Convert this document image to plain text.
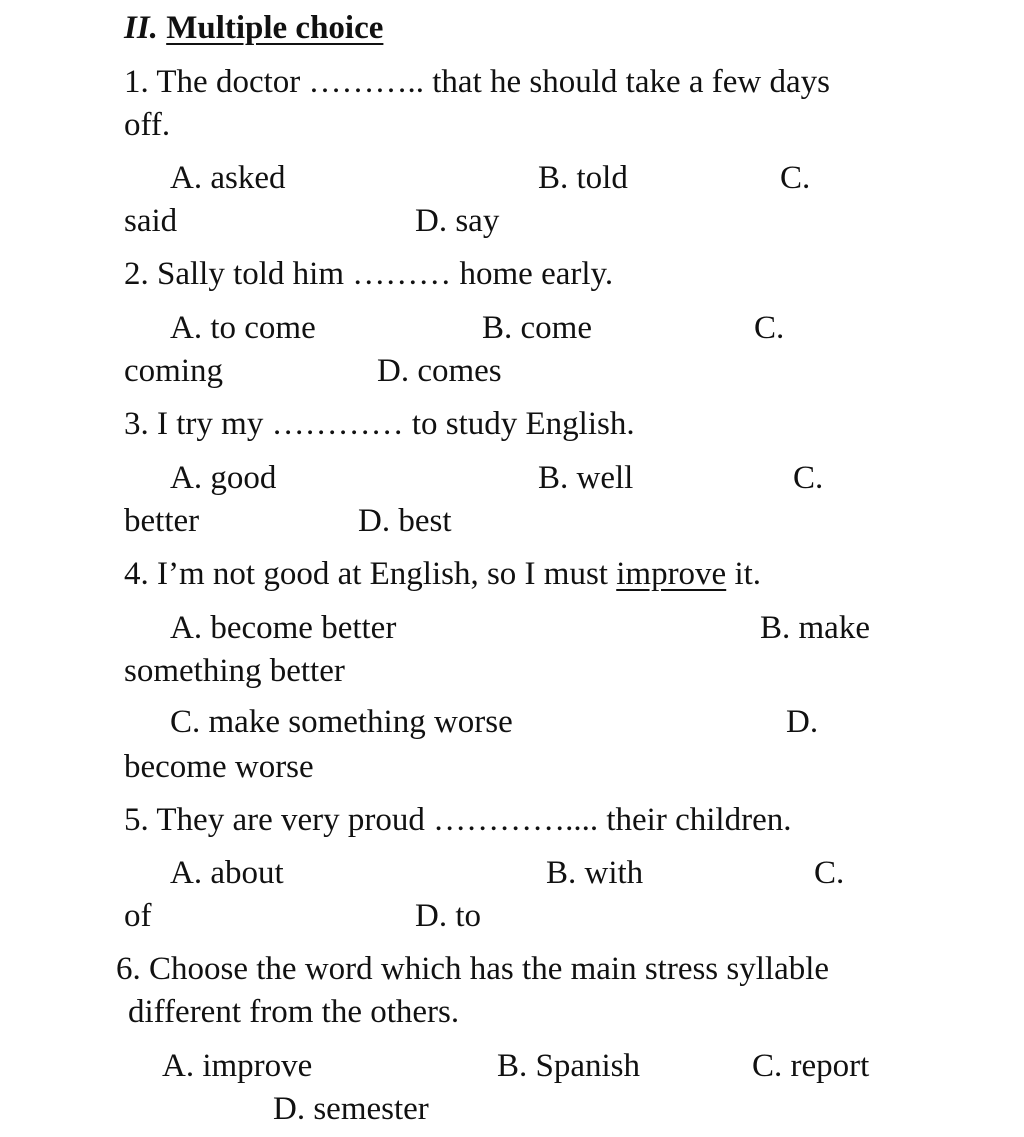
II. Multiple choice
1. The doctor ……….. that he should take a few days
off.
A. asked	B. told	C.
said	D. say
2. Sally told him ……… home early.
A. to come	B. come	C.
coming	D. comes
3. I try my ………… to study English.
A. good	B. well	C.
better	D. best
4. I’m not good at English, so I must improve it.
A. become better	B. make
something better
C. make something worse	D.
become worse
5. They are very proud ………….... their children.
A. about	B. with	C.
of	D. to
6. Choose the word which has the main stress syllable
different from the others.
A. improve	B. Spanish	C. report
D. semester
